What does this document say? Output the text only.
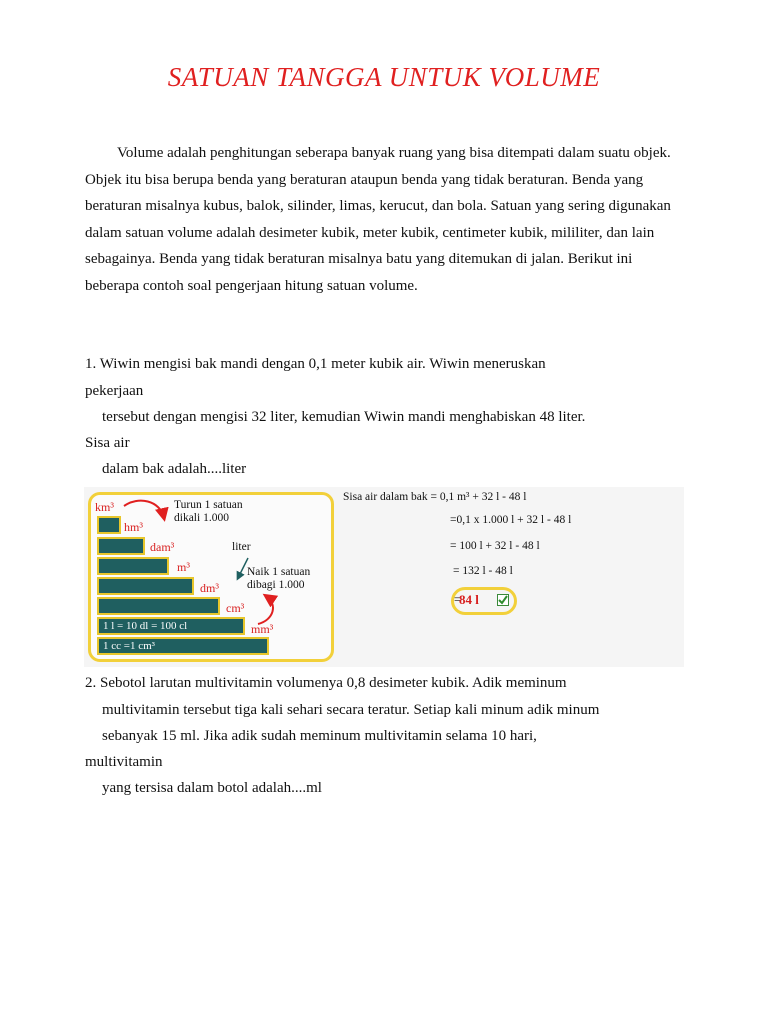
SATUAN TANGGA UNTUK VOLUME

Volume adalah penghitungan seberapa banyak ruang yang bisa ditempati dalam suatu objek. Objek itu bisa berupa benda yang beraturan ataupun benda yang tidak beraturan. Benda yang beraturan misalnya kubus, balok, silinder, limas, kerucut, dan bola. Satuan yang sering digunakan dalam satuan volume adalah desimeter kubik, meter kubik, centimeter kubik, mililiter, dan lain sebagainya. Benda yang tidak beraturan misalnya batu yang ditemukan di jalan. Berikut ini beberapa contoh soal pengerjaan hitung satuan volume.

1. Wiwin mengisi bak mandi dengan 0,1 meter kubik air. Wiwin meneruskan

pekerjaan

tersebut dengan mengisi 32 liter, kemudian Wiwin mandi menghabiskan 48 liter.

Sisa air

dalam bak adalah....liter

1 l = 10 dl = 100 cl
1 cc =1 cm³
km³
hm³
dam³
m³
dm³
cm³
mm³
Turun 1 satuan
dikali 1.000
liter
Naik 1 satuan
dibagi 1.000
Sisa air dalam bak = 0,1 m³ + 32 l - 48 l
=0,1 x 1.000 l + 32 l - 48 l
= 100 l + 32 l - 48 l
= 132 l - 48 l
=
84 l

2. Sebotol larutan multivitamin volumenya 0,8 desimeter kubik. Adik meminum

multivitamin tersebut tiga kali sehari secara teratur. Setiap kali minum adik minum

sebanyak 15 ml. Jika adik sudah meminum multivitamin selama 10 hari,

multivitamin

yang tersisa dalam botol adalah....ml
